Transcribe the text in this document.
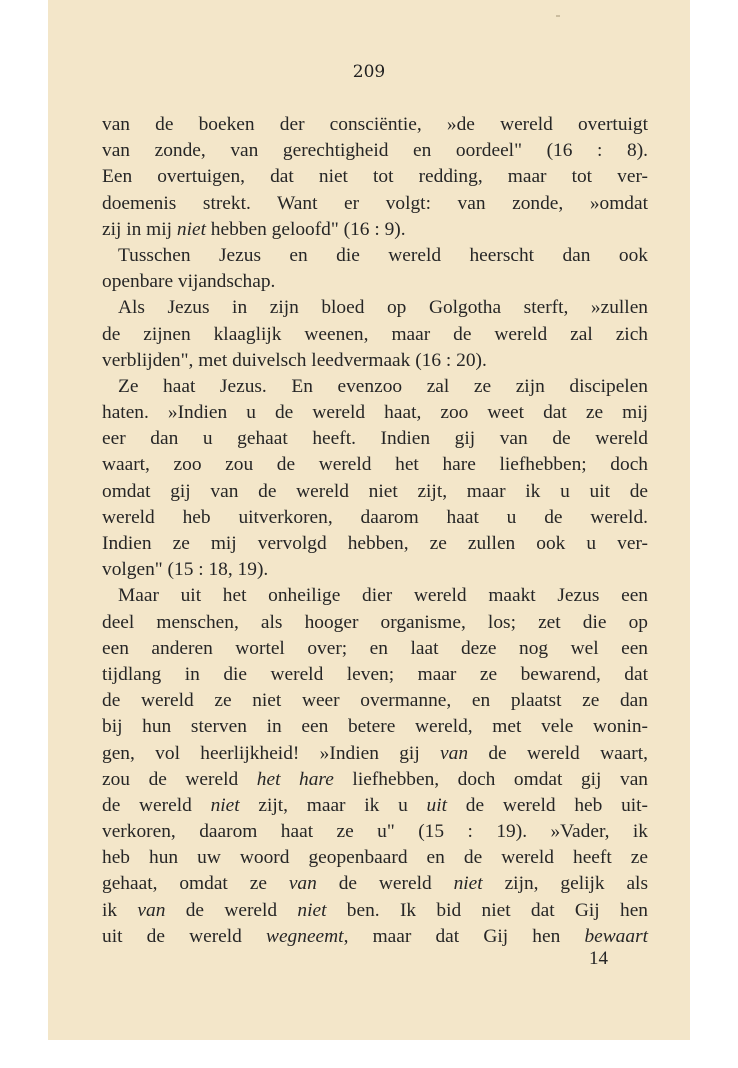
209
van de boeken der consciëntie, »de wereld overtuigt
van zonde, van gerechtigheid en oordeel" (16 : 8).
Een overtuigen, dat niet tot redding, maar tot ver-
doemenis strekt. Want er volgt: van zonde, »omdat
zij in mij niet hebben geloofd" (16 : 9).
Tusschen Jezus en die wereld heerscht dan ook
openbare vijandschap.
Als Jezus in zijn bloed op Golgotha sterft, »zullen
de zijnen klaaglijk weenen, maar de wereld zal zich
verblijden", met duivelsch leedvermaak (16 : 20).
Ze haat Jezus. En evenzoo zal ze zijn discipelen
haten. »Indien u de wereld haat, zoo weet dat ze mij
eer dan u gehaat heeft. Indien gij van de wereld
waart, zoo zou de wereld het hare liefhebben; doch
omdat gij van de wereld niet zijt, maar ik u uit de
wereld heb uitverkoren, daarom haat u de wereld.
Indien ze mij vervolgd hebben, ze zullen ook u ver-
volgen" (15 : 18, 19).
Maar uit het onheilige dier wereld maakt Jezus een
deel menschen, als hooger organisme, los; zet die op
een anderen wortel over; en laat deze nog wel een
tijdlang in die wereld leven; maar ze bewarend, dat
de wereld ze niet weer overmanne, en plaatst ze dan
bij hun sterven in een betere wereld, met vele wonin-
gen, vol heerlijkheid! »Indien gij van de wereld waart,
zou de wereld het hare liefhebben, doch omdat gij van
de wereld niet zijt, maar ik u uit de wereld heb uit-
verkoren, daarom haat ze u" (15 : 19). »Vader, ik
heb hun uw woord geopenbaard en de wereld heeft ze
gehaat, omdat ze van de wereld niet zijn, gelijk als
ik van de wereld niet ben. Ik bid niet dat Gij hen
uit de wereld wegneemt, maar dat Gij hen bewaart
14
